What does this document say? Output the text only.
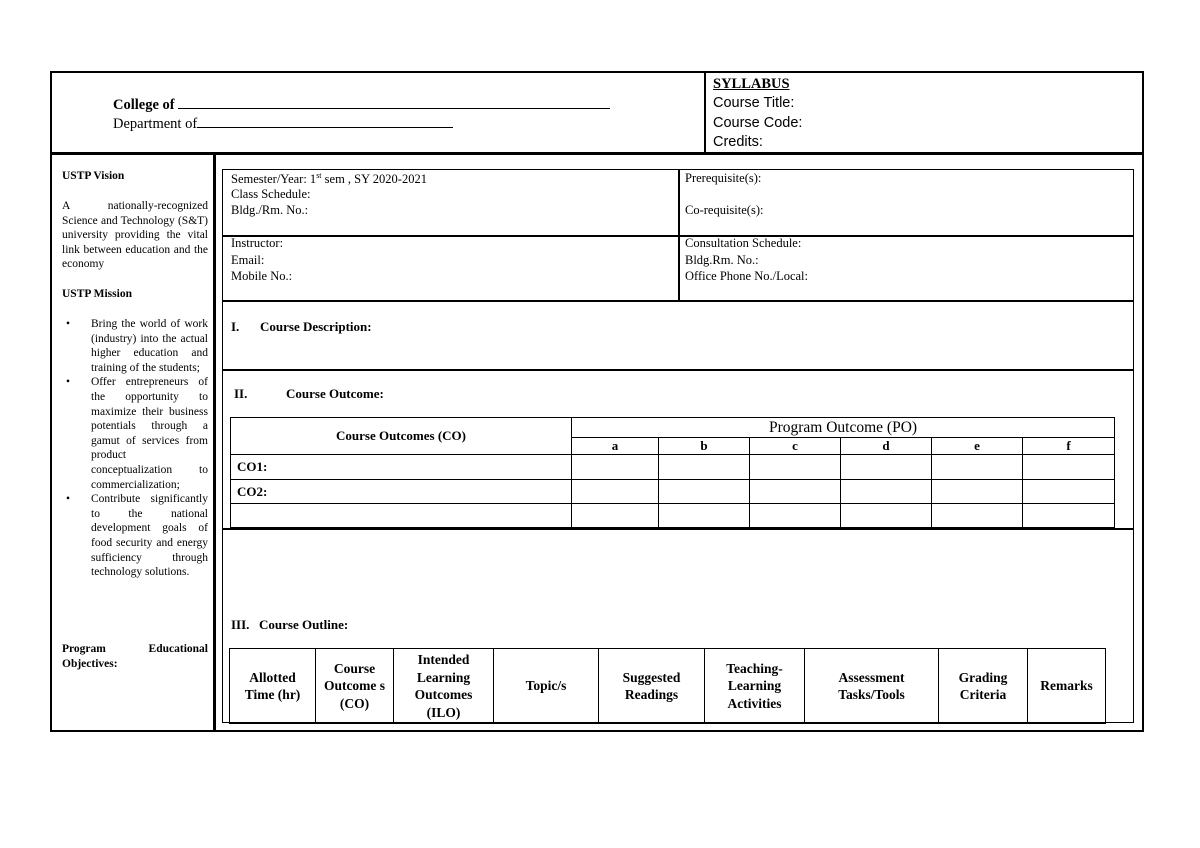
College of
Department of
SYLLABUS
Course Title:
Course Code:
Credits:
USTP Vision
A nationally-recognized Science and Technology (S&T) university providing the vital link between education and the economy
USTP Mission
• Bring the world of work (industry) into the actual higher education and training of the students;
• Offer entrepreneurs of the opportunity to maximize their business potentials through a gamut of services from product conceptualization to commercialization;
• Contribute significantly to the national development goals of food security and energy sufficiency through technology solutions.
Program Educational Objectives:
Semester/Year: 1st sem , SY 2020-2021
Class Schedule:
Bldg./Rm. No.:
Prerequisite(s):
Co-requisite(s):
Instructor:
Email:
Mobile No.:
Consultation Schedule:
Bldg.Rm. No.:
Office Phone No./Local:
I. Course Description:
II.	Course Outcome:
Course Outcomes (CO)	Program Outcome (PO)					
	a	b	c	d	e	f
CO1:						
CO2:						

III. Course Outline:
Allotted Time (hr)	Course Outcome s (CO)	Intended Learning Outcomes (ILO)	Topic/s	Suggested Readings	Teaching-Learning Activities	Assessment Tasks/Tools	Grading Criteria	Remarks
